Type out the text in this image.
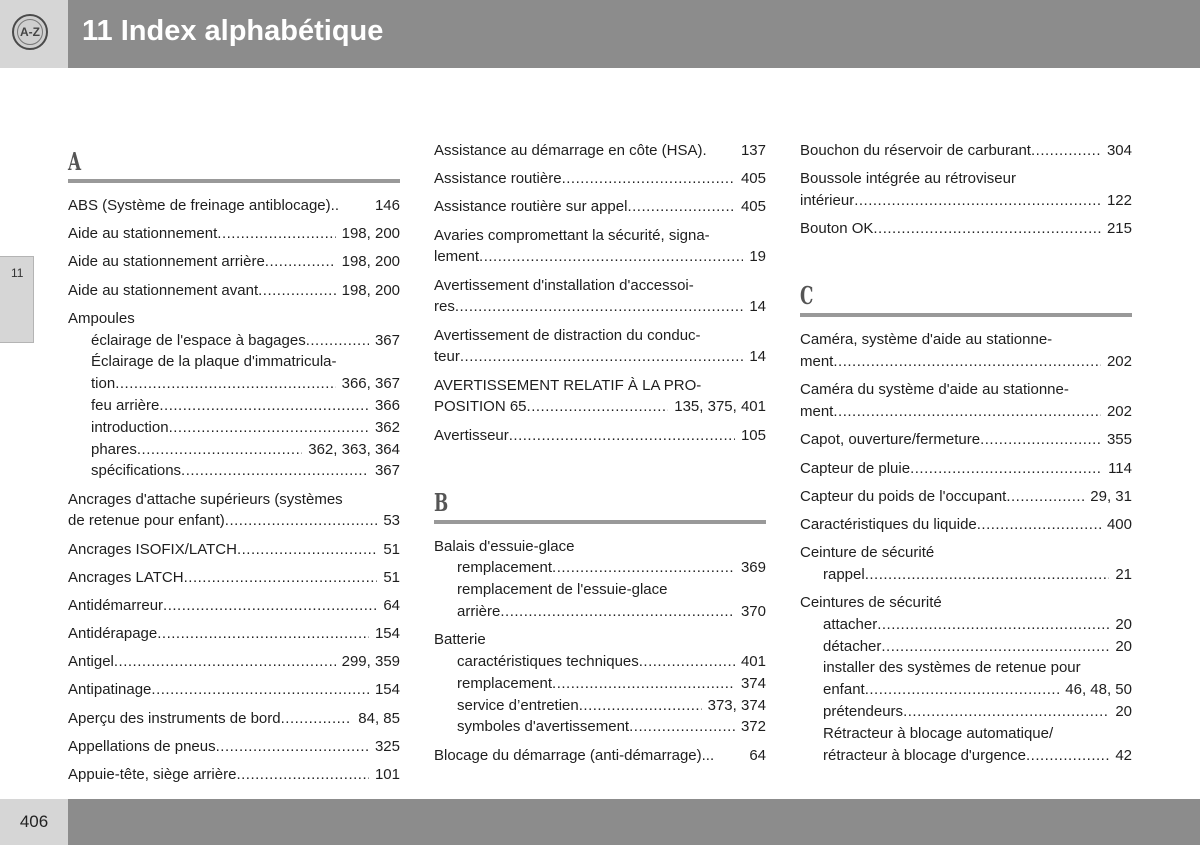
A-Z 11 Index alphabétique
11
A
ABS (Système de freinage antiblocage)..	146
Aide au stationnement .....	198, 200
Aide au stationnement arrière .....	198, 200
Aide au stationnement avant .....	198, 200
Ampoules
éclairage de l'espace à bagages .....	367
Éclairage de la plaque d'immatricula-
tion .....	366, 367
feu arrière .....	366
introduction .....	362
phares .....	362, 363, 364
spécifications .....	367
Ancrages d'attache supérieurs (systèmes
de retenue pour enfant) .....	53
Ancrages ISOFIX/LATCH .....	51
Ancrages LATCH .....	51
Antidémarreur .....	64
Antidérapage .....	154
Antigel .....	299, 359
Antipatinage .....	154
Aperçu des instruments de bord .....	84, 85
Appellations de pneus .....	325
Appuie-tête, siège arrière .....	101
Assistance au démarrage en côte (HSA).	137
Assistance routière .....	405
Assistance routière sur appel .....	405
Avaries compromettant la sécurité, signa-
lement .....	19
Avertissement d'installation d'accessoi-
res .....	14
Avertissement de distraction du conduc-
teur .....	14
AVERTISSEMENT RELATIF À LA PRO-
POSITION 65 .....	135, 375, 401
Avertisseur .....	105
B
Balais d'essuie-glace
remplacement .....	369
remplacement de l'essuie-glace
arrière .....	370
Batterie
caractéristiques techniques .....	401
remplacement .....	374
service d’entretien .....	373, 374
symboles d'avertissement .....	372
Blocage du démarrage (anti-démarrage)...	64
Bouchon du réservoir de carburant .....	304
Boussole intégrée au rétroviseur
intérieur .....	122
Bouton OK .....	215
C
Caméra, système d'aide au stationne-
ment .....	202
Caméra du système d'aide au stationne-
ment .....	202
Capot, ouverture/fermeture .....	355
Capteur de pluie .....	114
Capteur du poids de l'occupant .....	29, 31
Caractéristiques du liquide .....	400
Ceinture de sécurité
rappel .....	21
Ceintures de sécurité
attacher .....	20
détacher .....	20
installer des systèmes de retenue pour
enfant .....	46, 48, 50
prétendeurs .....	20
Rétracteur à blocage automatique/
rétracteur à blocage d'urgence .....	42
406
